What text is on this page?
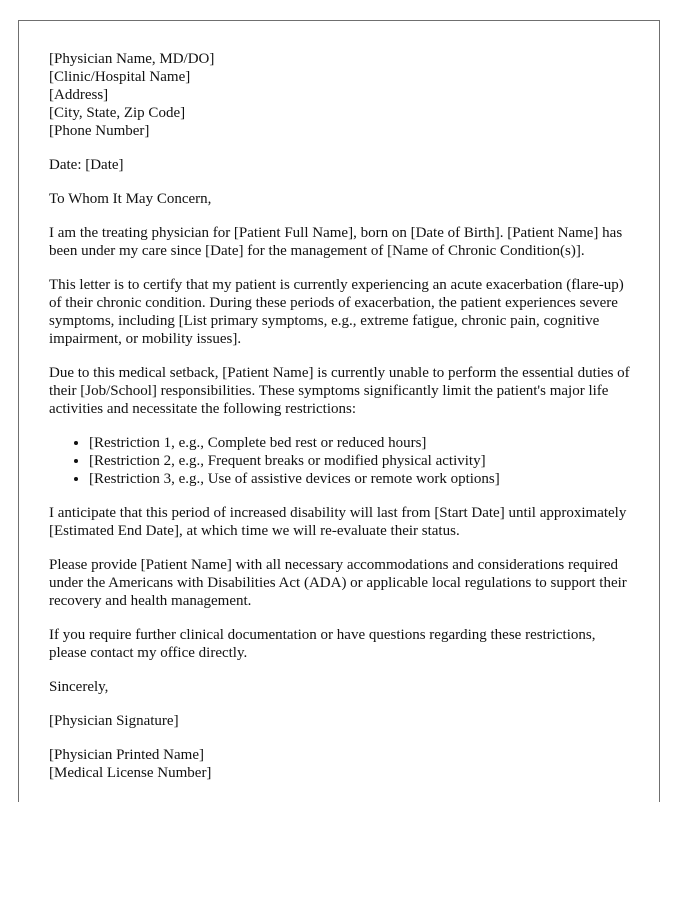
[Physician Name, MD/DO]
[Clinic/Hospital Name]
[Address]
[City, State, Zip Code]
[Phone Number]

Date: [Date]

To Whom It May Concern,

I am the treating physician for [Patient Full Name], born on [Date of Birth]. [Patient Name] has been under my care since [Date] for the management of [Name of Chronic Condition(s)].

This letter is to certify that my patient is currently experiencing an acute exacerbation (flare-up) of their chronic condition. During these periods of exacerbation, the patient experiences severe symptoms, including [List primary symptoms, e.g., extreme fatigue, chronic pain, cognitive impairment, or mobility issues].

Due to this medical setback, [Patient Name] is currently unable to perform the essential duties of their [Job/School] responsibilities. These symptoms significantly limit the patient's major life activities and necessitate the following restrictions:

• [Restriction 1, e.g., Complete bed rest or reduced hours]
• [Restriction 2, e.g., Frequent breaks or modified physical activity]
• [Restriction 3, e.g., Use of assistive devices or remote work options]

I anticipate that this period of increased disability will last from [Start Date] until approximately [Estimated End Date], at which time we will re-evaluate their status.

Please provide [Patient Name] with all necessary accommodations and considerations required under the Americans with Disabilities Act (ADA) or applicable local regulations to support their recovery and health management.

If you require further clinical documentation or have questions regarding these restrictions, please contact my office directly.

Sincerely,

[Physician Signature]

[Physician Printed Name]
[Medical License Number]
